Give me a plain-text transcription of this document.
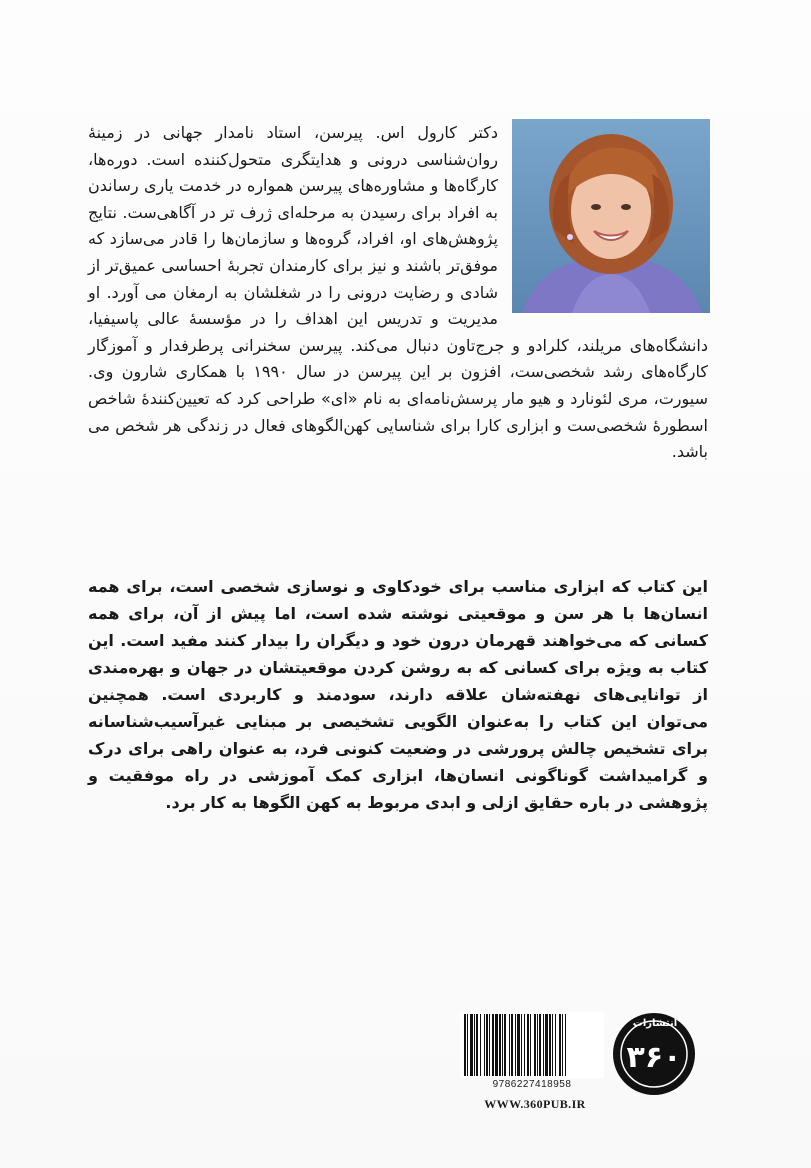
دکتر کارول اس. پیرسن، استاد نامدار جهانی در زمینهٔ روان‌شناسی درونی و هدایتگری متحول‌کننده است. دوره‌ها، کارگاه‌ها و مشاوره‌های پیرسن همواره در خدمت یاری رساندن به افراد برای رسیدن به مرحله‌ای ژرف تر در آگاهی‌ست. نتایج پژوهش‌های او، افراد، گروه‌ها و سازمان‌ها را قادر می‌سازد که موفق‌تر باشند و نیز برای کارمندان تجربهٔ احساسی عمیق‌تر از شادی و رضایت درونی را در شغلشان به ارمغان می آورد. او مدیریت و تدریس این اهداف را در مؤسسهٔ عالی پاسیفیا، دانشگاه‌های مریلند، کلرادو و جرج‌تاون دنبال می‌کند. پیرسن سخنرانی پرطرفدار و آموزگار کارگاه‌های رشد شخصی‌ست، افزون بر این پیرسن در سال ۱۹۹۰ با همکاری شارون وی. سیورت، مری لئونارد و هیو مار پرسش‌نامه‌ای به نام «ای» طراحی کرد که تعیین‌کنندهٔ شاخص اسطورهٔ شخصی‌ست و ابزاری کارا برای شناسایی کهن‌الگوهای فعال در زندگی هر شخص می باشد.

این کتاب که ابزاری مناسب برای خودکاوی و نوسازی شخصی است، برای همه انسان‌ها با هر سن و موقعیتی نوشته شده است، اما پیش از آن، برای همه کسانی که می‌خواهند قهرمان درون خود و دیگران را بیدار کنند مفید است. این کتاب به ویژه برای کسانی که به روشن کردن موقعیتشان در جهان و بهره‌مندی از توانایی‌های نهفته‌شان علاقه دارند، سودمند و کاربردی است. همچنین می‌توان این کتاب را به‌عنوان الگویی تشخیصی بر مبنایی غیرآسیب‌شناسانه برای تشخیص چالش پرورشی در وضعیت کنونی فرد، به عنوان راهی برای درک و گرامیداشت گوناگونی انسان‌ها، ابزاری کمک آموزشی در راه موفقیت و پژوهشی در باره حقایق ازلی و ابدی مربوط به کهن الگوها به کار برد.

9786227418958
WWW.360PUB.IR
انتشارات
۳۶۰
